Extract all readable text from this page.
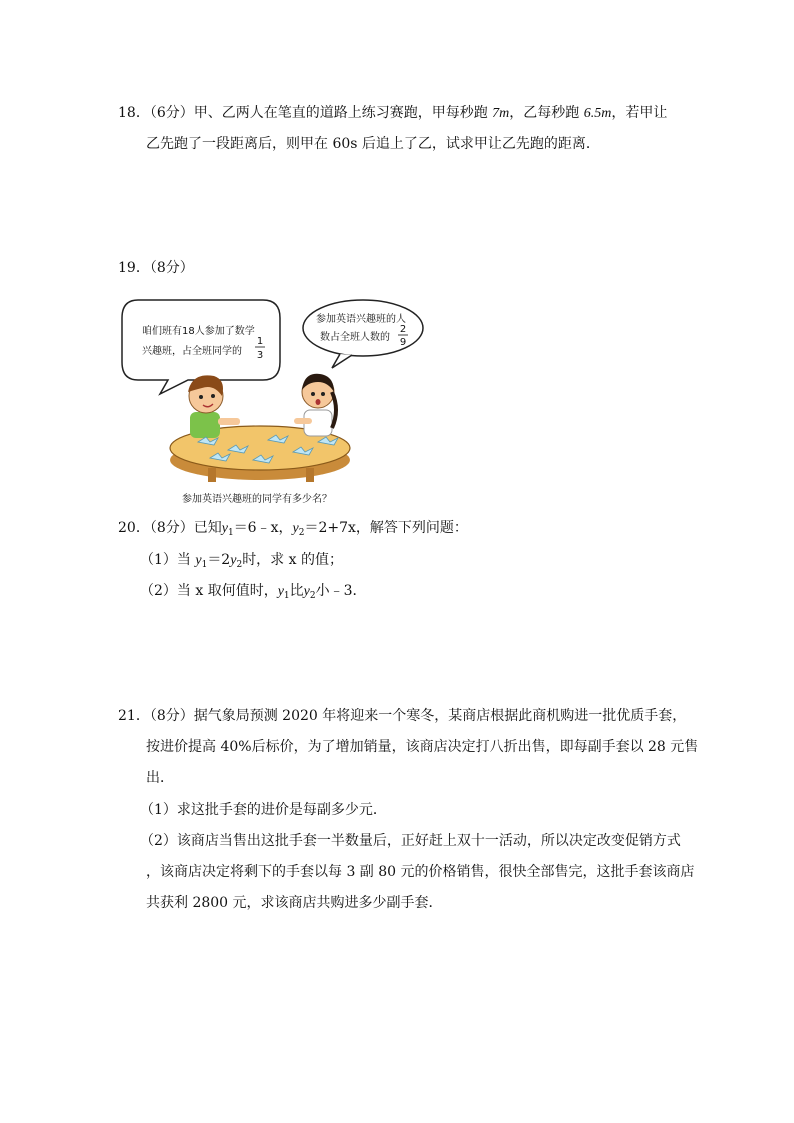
18．（6分）甲、乙两人在笔直的道路上练习赛跑，甲每秒跑 7m，乙每秒跑 6.5m，若甲让
乙先跑了一段距离后，则甲在 60s 后追上了乙，试求甲让乙先跑的距离．
19．（8分）
咱们班有18人参加了数学
兴趣班，占全班同学的
1
3
参加英语兴趣班的人
数占全班人数的
2
9
参加英语兴趣班的同学有多少名？
20．（8分）已知$y_1=6﹣x$，$y_2=2+7x$，解答下列问题：
（1）当 $y_1=2y_2$时，求 x 的值；
（2）当 x 取何值时，$y_1$比$y_2$小﹣3．
21．（8分）据气象局预测 2020 年将迎来一个寒冬，某商店根据此商机购进一批优质手套，
按进价提高 40%后标价，为了增加销量，该商店决定打八折出售，即每副手套以 28 元售
出．
（1）求这批手套的进价是每副多少元．
（2）该商店当售出这批手套一半数量后，正好赶上双十一活动，所以决定改变促销方式
，该商店决定将剩下的手套以每 3 副 80 元的价格销售，很快全部售完，这批手套该商店
共获利 2800 元，求该商店共购进多少副手套．
